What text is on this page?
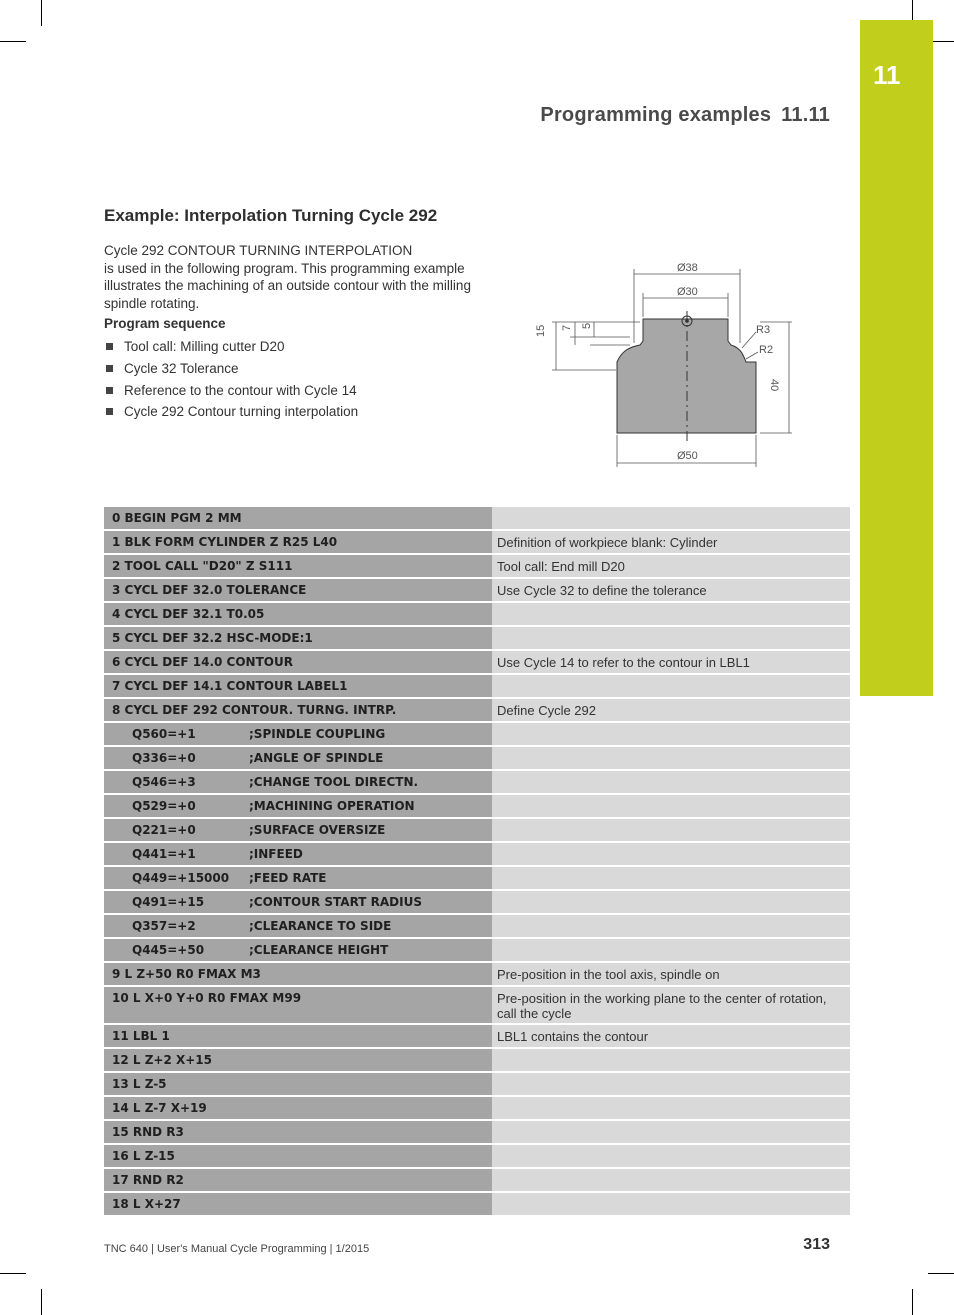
11
Programming examples 11.11
Example: Interpolation Turning Cycle 292
Cycle 292 CONTOUR TURNING INTERPOLATION
is used in the following program. This programming example illustrates the machining of an outside contour with the milling spindle rotating.
Program sequence
Tool call: Milling cutter D20
Cycle 32 Tolerance
Reference to the contour with Cycle 14
Cycle 292 Contour turning interpolation
Ø38
Ø30
Ø50
40
R3
R2
15 7 5
0 BEGIN PGM 2 MM	
1 BLK FORM CYLINDER Z R25 L40	Definition of workpiece blank: Cylinder
2 TOOL CALL "D20" Z S111	Tool call: End mill D20
3 CYCL DEF 32.0 TOLERANCE	Use Cycle 32 to define the tolerance
4 CYCL DEF 32.1 T0.05	
5 CYCL DEF 32.2 HSC-MODE:1	
6 CYCL DEF 14.0 CONTOUR	Use Cycle 14 to refer to the contour in LBL1
7 CYCL DEF 14.1 CONTOUR LABEL1	
8 CYCL DEF 292 CONTOUR. TURNG. INTRP.	Define Cycle 292
Q560=+1 ;SPINDLE COUPLING	
Q336=+0 ;ANGLE OF SPINDLE	
Q546=+3 ;CHANGE TOOL DIRECTN.	
Q529=+0 ;MACHINING OPERATION	
Q221=+0 ;SURFACE OVERSIZE	
Q441=+1 ;INFEED	
Q449=+15000 ;FEED RATE	
Q491=+15 ;CONTOUR START RADIUS	
Q357=+2 ;CLEARANCE TO SIDE	
Q445=+50 ;CLEARANCE HEIGHT	
9 L Z+50 R0 FMAX M3	Pre-position in the tool axis, spindle on
10 L X+0 Y+0 R0 FMAX M99	Pre-position in the working plane to the center of rotation, call the cycle
11 LBL 1	LBL1 contains the contour
12 L Z+2 X+15	
13 L Z-5	
14 L Z-7 X+19	
15 RND R3	
16 L Z-15	
17 RND R2	
18 L X+27	
TNC 640 | User's Manual Cycle Programming | 1/2015	313
